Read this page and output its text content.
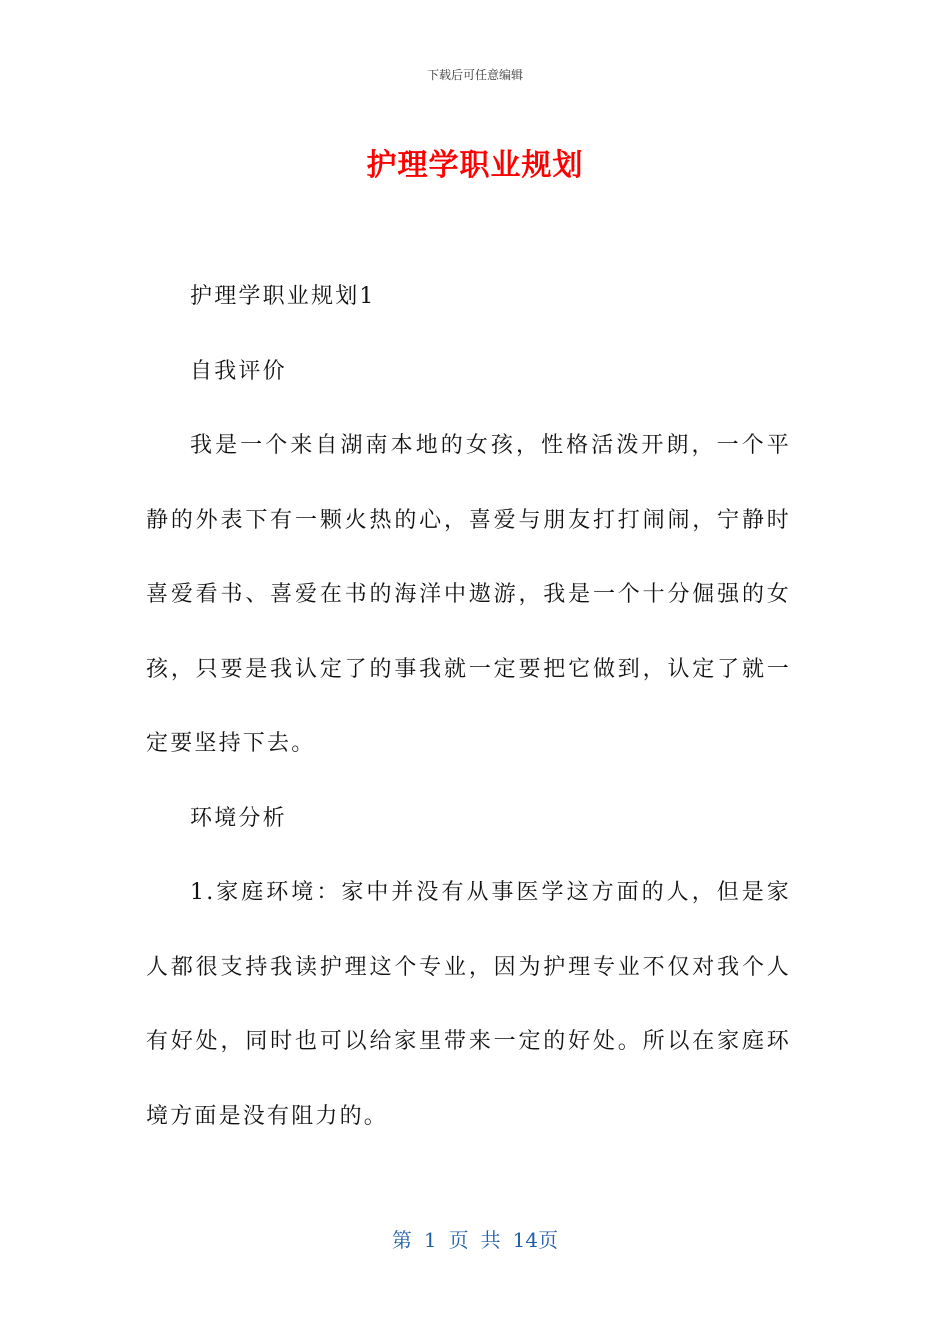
下载后可任意编辑
护理学职业规划

护理学职业规划1

自我评价

我是一个来自湖南本地的女孩，性格活泼开朗，一个平静的外表下有一颗火热的心，喜爱与朋友打打闹闹，宁静时喜爱看书、喜爱在书的海洋中遨游，我是一个十分倔强的女孩，只要是我认定了的事我就一定要把它做到，认定了就一定要坚持下去。

环境分析

1.家庭环境：家中并没有从事医学这方面的人，但是家人都很支持我读护理这个专业，因为护理专业不仅对我个人有好处，同时也可以给家里带来一定的好处。所以在家庭环境方面是没有阻力的。

第 1 页 共 14页
